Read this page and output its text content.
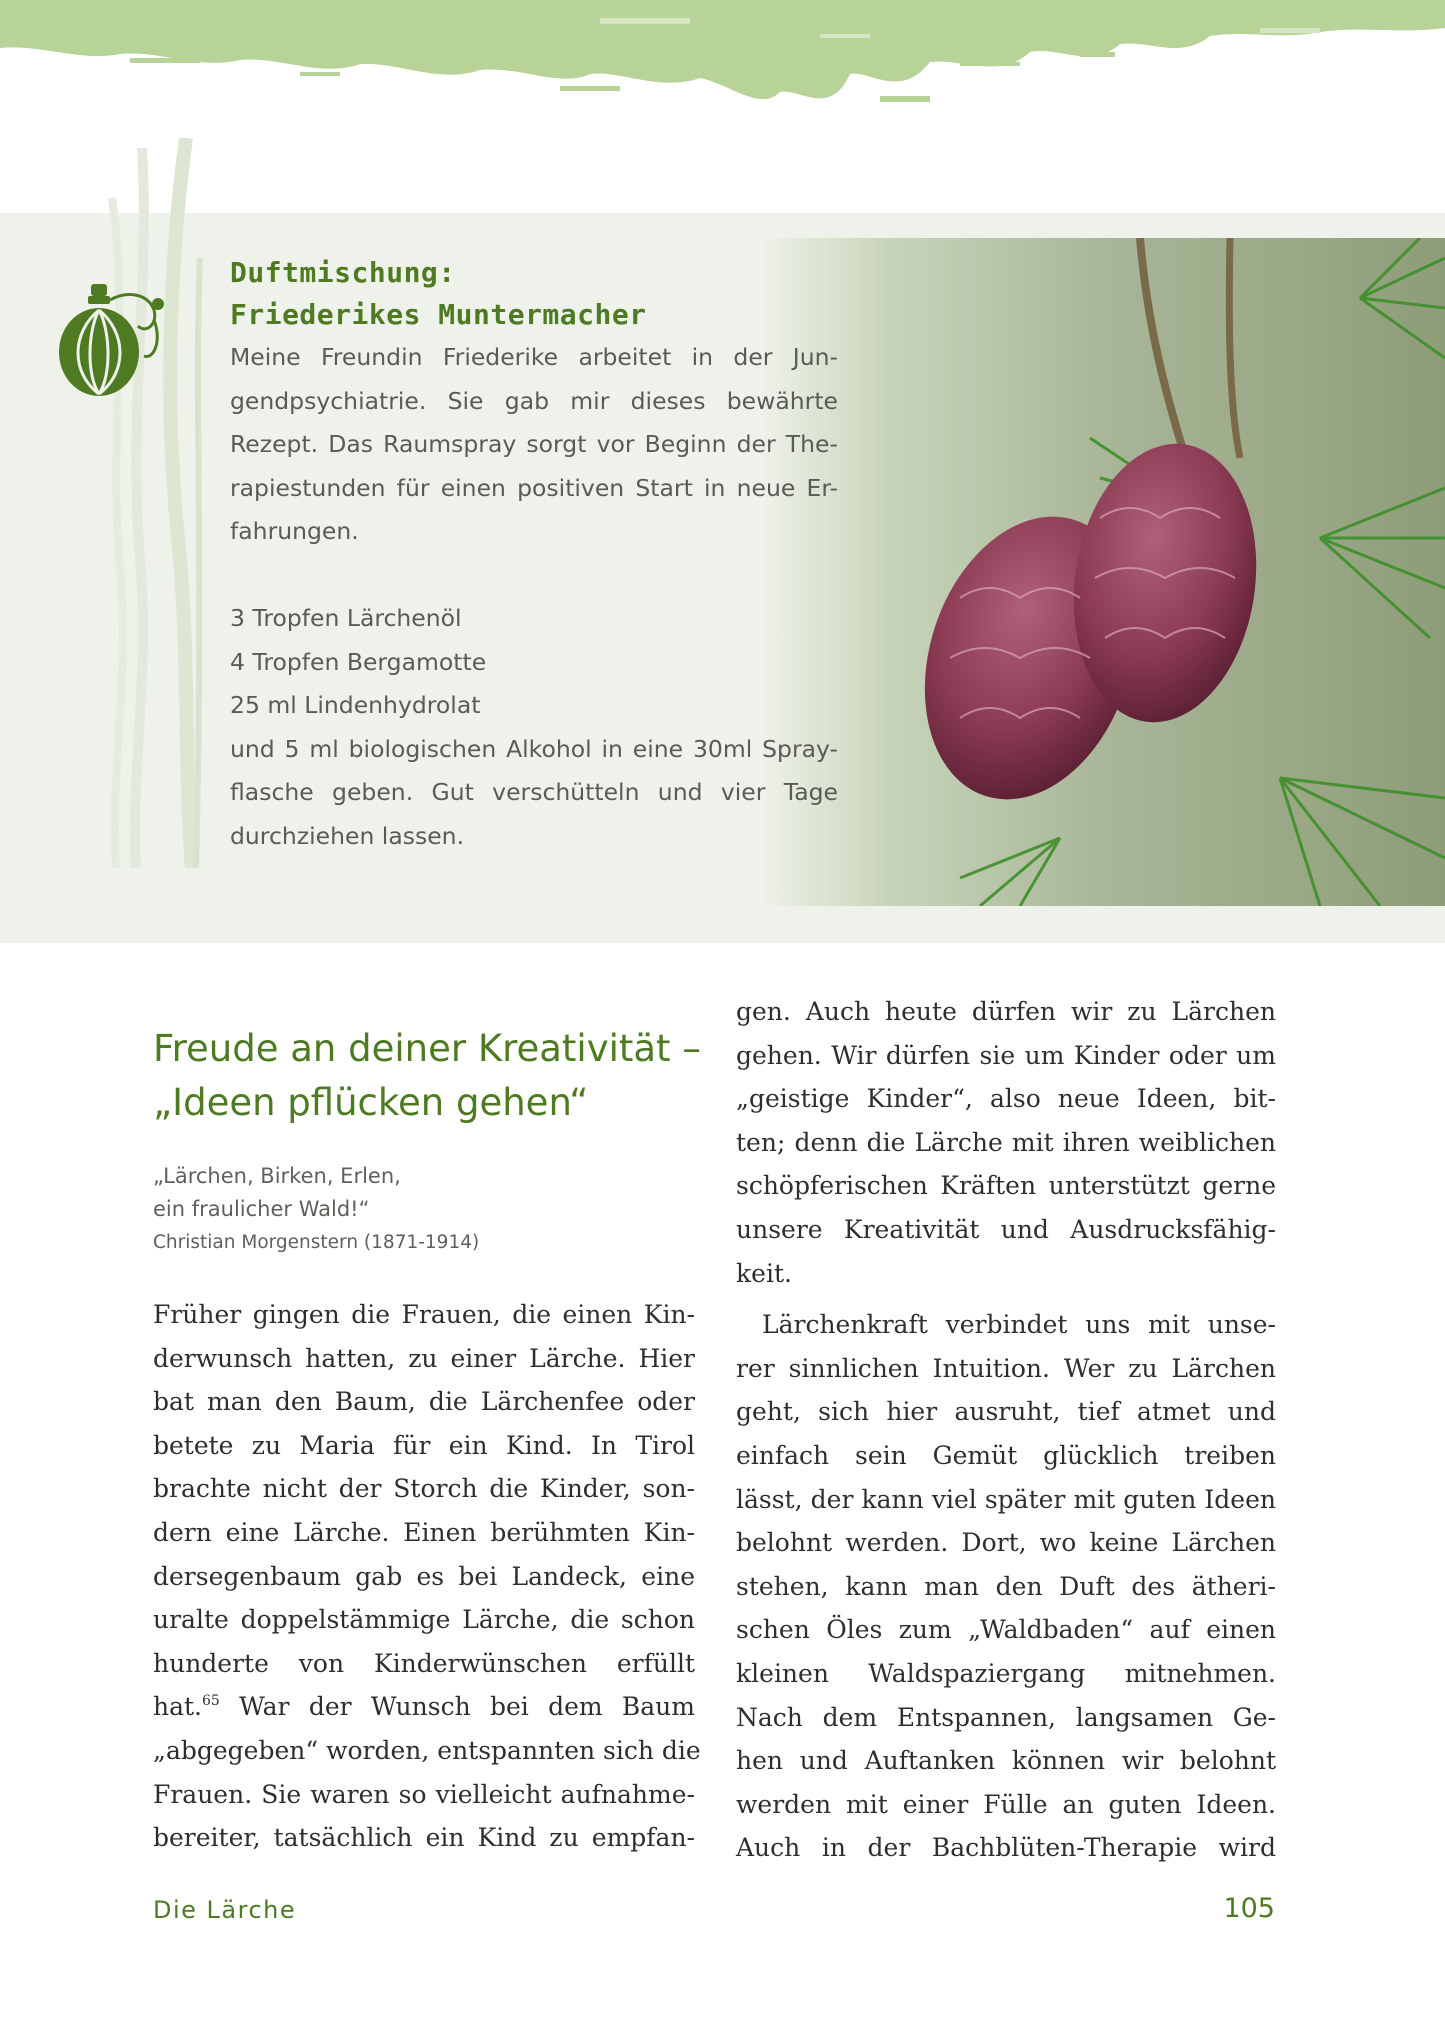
Duftmischung:
Friederikes Muntermacher
Meine Freundin Friederike arbeitet in der Jun-
gendpsychiatrie. Sie gab mir dieses bewährte
Rezept. Das Raumspray sorgt vor Beginn der The-
rapiestunden für einen positiven Start in neue Er-
fahrungen.
3 Tropfen Lärchenöl
4 Tropfen Bergamotte
25 ml Lindenhydrolat
und 5 ml biologischen Alkohol in eine 30ml Spray-
flasche geben. Gut verschütteln und vier Tage
durchziehen lassen.
Freude an deiner Kreativität –
„Ideen pflücken gehen“
„Lärchen, Birken, Erlen,
ein fraulicher Wald!“
Christian Morgenstern (1871-1914)
Früher gingen die Frauen, die einen Kin-
derwunsch hatten, zu einer Lärche. Hier
bat man den Baum, die Lärchenfee oder
betete zu Maria für ein Kind. In Tirol
brachte nicht der Storch die Kinder, son-
dern eine Lärche. Einen berühmten Kin-
dersegenbaum gab es bei Landeck, eine
uralte doppelstämmige Lärche, die schon
hunderte von Kinderwünschen erfüllt
hat.$^{65}$ War der Wunsch bei dem Baum
„abgegeben“ worden, entspannten sich die
Frauen. Sie waren so vielleicht aufnahme-
bereiter, tatsächlich ein Kind zu empfan-
gen. Auch heute dürfen wir zu Lärchen
gehen. Wir dürfen sie um Kinder oder um
„geistige Kinder“, also neue Ideen, bit-
ten; denn die Lärche mit ihren weiblichen
schöpferischen Kräften unterstützt gerne
unsere Kreativität und Ausdrucksfähig-
keit.
Lärchenkraft verbindet uns mit unse-
rer sinnlichen Intuition. Wer zu Lärchen
geht, sich hier ausruht, tief atmet und
einfach sein Gemüt glücklich treiben
lässt, der kann viel später mit guten Ideen
belohnt werden. Dort, wo keine Lärchen
stehen, kann man den Duft des ätheri-
schen Öles zum „Waldbaden“ auf einen
kleinen Waldspaziergang mitnehmen.
Nach dem Entspannen, langsamen Ge-
hen und Auftanken können wir belohnt
werden mit einer Fülle an guten Ideen.
Auch in der Bachblüten-Therapie wird
Die Lärche	105
